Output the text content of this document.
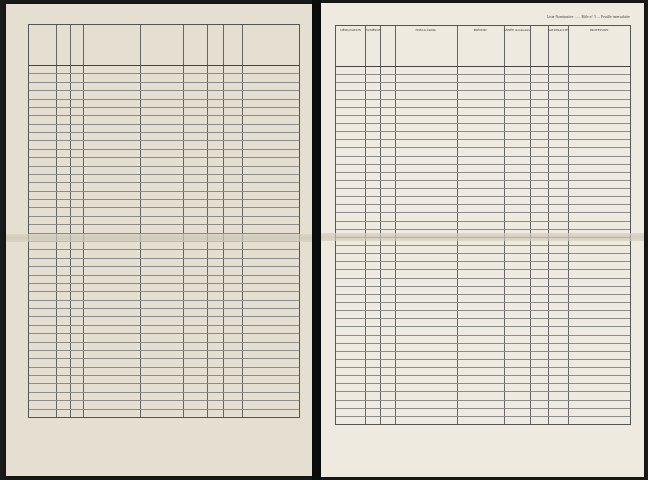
Liste Nominative ...... Rôle n° 5 ... Feuille intercalaire
DÉSIGNATION	NUMÉROS	NOM de famille	PRÉNOM	ANNÉE de naissance	NATIONALITÉ	PROFESSION
